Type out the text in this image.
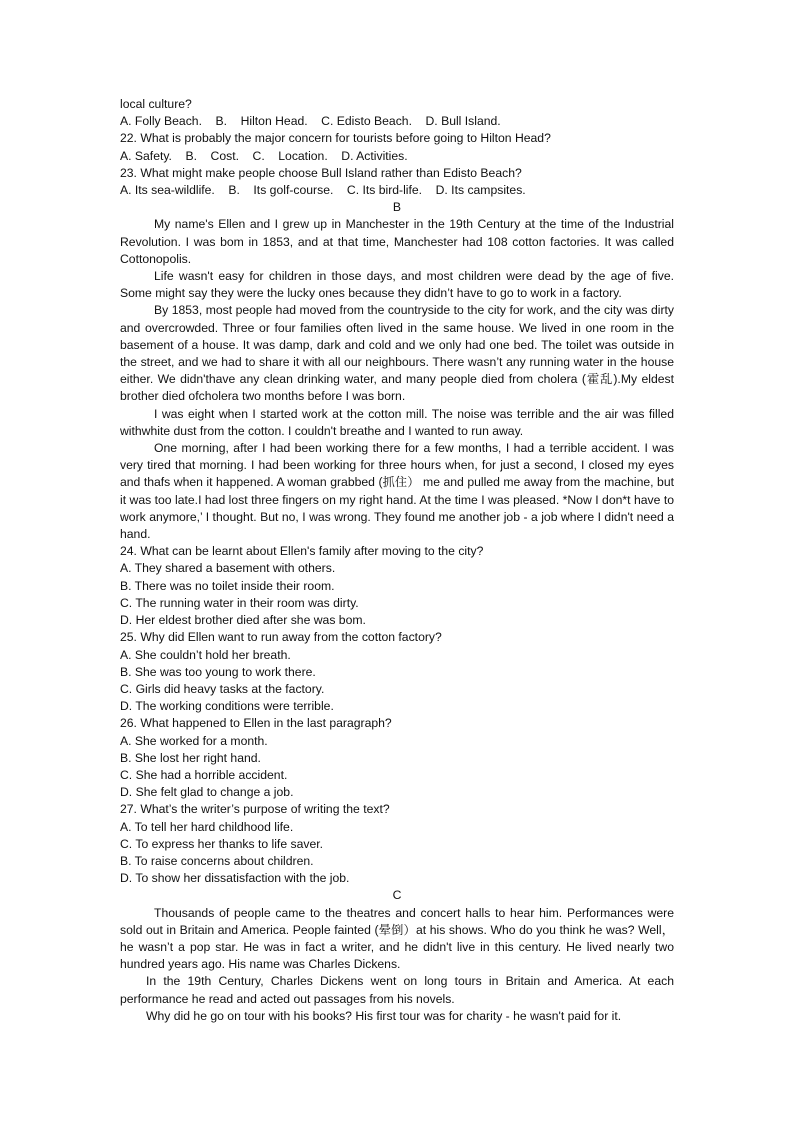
local culture?
A. Folly Beach.    B.    Hilton Head.    C. Edisto Beach.    D. Bull Island.
22. What is probably the major concern for tourists before going to Hilton Head?
A. Safety.    B.    Cost.    C.    Location.    D. Activities.
23. What might make people choose Bull Island rather than Edisto Beach?
A. Its sea-wildlife.    B.    Its golf-course.    C. Its bird-life.    D. Its campsites.
B

My name's Ellen and I grew up in Manchester in the 19th Century at the time of the Industrial Revolution. I was bom in 1853, and at that time, Manchester had 108 cotton factories. It was called Cottonopolis.

Life wasn't easy for children in those days, and most children were dead by the age of five. Some might say they were the lucky ones because they didn’t have to go to work in a factory.

By 1853, most people had moved from the countryside to the city for work, and the city was dirty and overcrowded. Three or four families often lived in the same house. We lived in one room in the basement of a house. It was damp, dark and cold and we only had one bed. The toilet was outside in the street, and we had to share it with all our neighbours. There wasn’t any running water in the house either. We didn'thave any clean drinking water, and many people died from cholera (霍乱).My eldest brother died ofcholera two months before I was born.

I was eight when I started work at the cotton mill. The noise was terrible and the air was filled withwhite dust from the cotton. I couldn't breathe and I wanted to run away.

One morning, after I had been working there for a few months, I had a terrible accident. I was very tired that morning. I had been working for three hours when, for just a second, I closed my eyes and thafs when it happened. A woman grabbed (抓住） me and pulled me away from the machine, but it was too late.I had lost three fingers on my right hand. At the time I was pleased. *Now I don*t have to work anymore,’ I thought. But no, I was wrong. They found me another job - a job where I didn't need a hand.

24. What can be learnt about Ellen's family after moving to the city?
A. They shared a basement with others.
B. There was no toilet inside their room.
C. The running water in their room was dirty.
D. Her eldest brother died after she was bom.
25. Why did Ellen want to run away from the cotton factory?
A. She couldn’t hold her breath.
B. She was too young to work there.
C. Girls did heavy tasks at the factory.
D. The working conditions were terrible.
26. What happened to Ellen in the last paragraph?
A. She worked for a month.
B. She lost her right hand.
C. She had a horrible accident.
D. She felt glad to change a job.
27. What’s the writer’s purpose of writing the text?
A. To tell her hard childhood life.
C. To express her thanks to life saver.
B. To raise concerns about children.
D. To show her dissatisfaction with the job.
C

Thousands of people came to the theatres and concert halls to hear him. Performances were sold out in Britain and America. People fainted (晕倒）at his shows. Who do you think he was? Well，he wasn’t a pop star. He was in fact a writer, and he didn't live in this century. He lived nearly two hundred years ago. His name was Charles Dickens.

In the 19th Century, Charles Dickens went on long tours in Britain and America. At each performance he read and acted out passages from his novels.

Why did he go on tour with his books? His first tour was for charity - he wasn't paid for it.
